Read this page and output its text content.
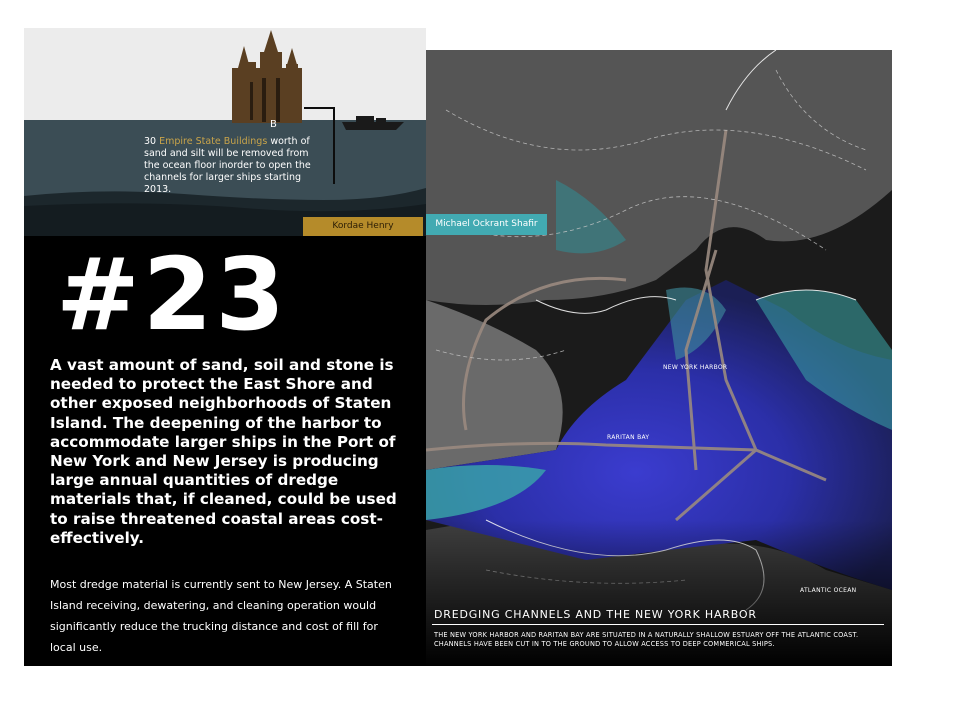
B
30 Empire State Buildings worth of sand and silt will be removed from the ocean floor inorder to open the channels for larger ships starting 2013.
Kordae Henry
NEW YORK HARBOR
RARITAN BAY
ATLANTIC OCEAN
DREDGING CHANNELS AND THE NEW YORK HARBOR
THE NEW YORK HARBOR AND RARITAN BAY ARE SITUATED IN A NATURALLY SHALLOW ESTUARY OFF THE ATLANTIC COAST. CHANNELS HAVE BEEN CUT IN TO THE GROUND TO ALLOW ACCESS TO DEEP COMMERICAL SHIPS.
Michael Ockrant Shafir
#23
A vast amount of sand, soil and stone is needed to protect the East Shore and other exposed neighborhoods of Staten Island. The deepening of the harbor to accommodate larger ships in the Port of New York and New Jersey is producing large annual quantities of dredge materials that, if cleaned, could be used to raise threatened coastal areas cost-effectively.
Most dredge material is currently sent to New Jersey. A Staten Island receiving, dewatering, and cleaning operation would significantly reduce the trucking distance and cost of fill for local use.
